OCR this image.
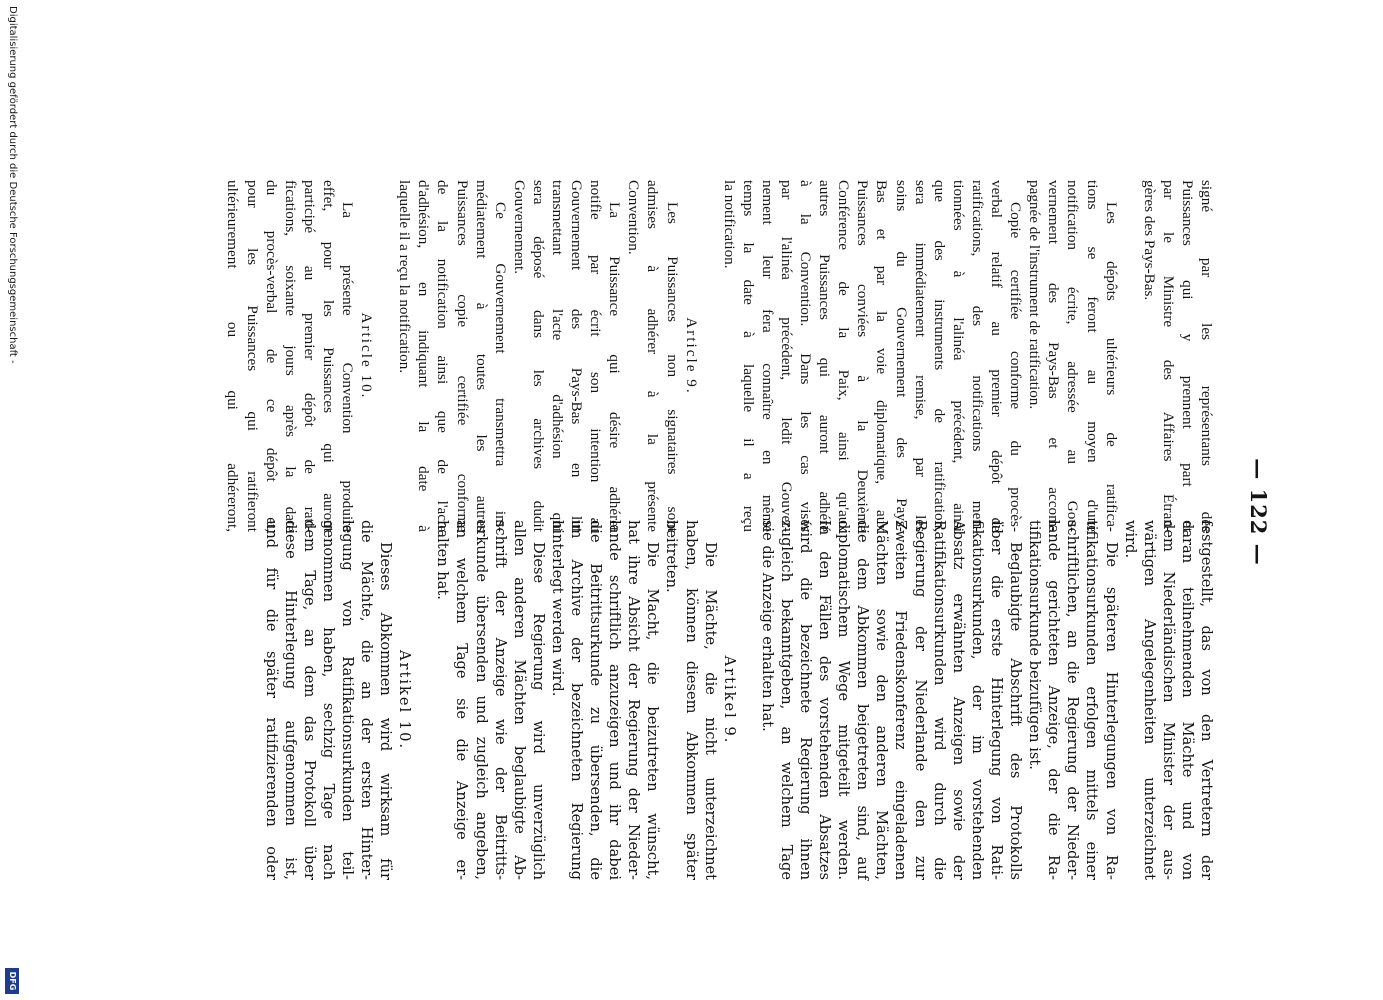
— 122 —
signé par les représentants des
Puissances qui y prennent part et
par le Ministre des Affaires Étran-
gères des Pays-Bas.
Les dépôts ultérieurs de ratifica-
tions se feront au moyen d'une
notification écrite, adressée au Gou-
vernement des Pays-Bas et accom-
pagnée de l'instrument de ratification.
Copie certifiée conforme du procès-
verbal relatif au premier dépôt de
ratifications, des notifications men-
tionnées à l'alinéa précédent, ainsi
que des instruments de ratification,
sera immédiatement remise, par les
soins du Gouvernement des Pays-
Bas et par la voie diplomatique, aux
Puissances conviées à la Deuxième
Conférence de la Paix, ainsi qu'aux
autres Puissances qui auront adhéré
à la Convention. Dans les cas visés
par l'alinéa précédent, ledit Gouver-
nement leur fera connaître en même
temps la date à laquelle il a reçu
la notification.
Article 9.
Les Puissances non signataires sont
admises à adhérer à la présente
Convention.
La Puissance qui désire adhérer
notifie par écrit son intention au
Gouvernement des Pays-Bas en lui
transmettant l'acte d'adhésion qui
sera déposé dans les archives dudit
Gouvernement.
Ce Gouvernement transmettra im-
médiatement à toutes les autres
Puissances copie certifiée conforme
de la notification ainsi que de l'acte
d'adhésion, en indiquant la date à
laquelle il a reçu la notification.
Article 10.
La présente Convention produira
effet, pour les Puissances qui auront
participé au premier dépôt de rati-
fications, soixante jours après la date
du procès-verbal de ce dépôt et,
pour les Puissances qui ratifieront
ultérieurement ou qui adhéreront,
festgestellt, das von den Vertretern der
daran teilnehmenden Mächte und von
dem Niederländischen Minister der aus-
wärtigen Angelegenheiten unterzeichnet
wird.
Die späteren Hinterlegungen von Ra-
tifikationsurkunden erfolgen mittels einer
schriftlichen, an die Regierung der Nieder-
lande gerichteten Anzeige, der die Ra-
tifikationsurkunde beizufügen ist.
Beglaubigte Abschrift des Protokolls
über die erste Hinterlegung von Rati-
fikationsurkunden, der im vorstehenden
Absatz erwähnten Anzeigen sowie der
Ratifikationsurkunden wird durch die
Regierung der Niederlande den zur
Zweiten Friedenskonferenz eingeladenen
Mächten sowie den anderen Mächten,
die dem Abkommen beigetreten sind, auf
diplomatischem Wege mitgeteilt werden.
In den Fällen des vorstehenden Absatzes
wird die bezeichnete Regierung ihnen
zugleich bekanntgeben, an welchem Tage
sie die Anzeige erhalten hat.
Artikel 9.
Die Mächte, die nicht unterzeichnet
haben, können diesem Abkommen später
beitreten.
Die Macht, die beizutreten wünscht,
hat ihre Absicht der Regierung der Nieder-
lande schriftlich anzuzeigen und ihr dabei
die Beitrittsurkunde zu übersenden, die
im Archive der bezeichneten Regierung
hinterlegt werden wird.
Diese Regierung wird unverzüglich
allen anderen Mächten beglaubigte Ab-
schrift der Anzeige wie der Beitritts-
urkunde übersenden und zugleich angeben,
an welchem Tage sie die Anzeige er-
halten hat.
Artikel 10.
Dieses Abkommen wird wirksam für
die Mächte, die an der ersten Hinter-
legung von Ratifikationsurkunden teil-
genommen haben, sechzig Tage nach
dem Tage, an dem das Protokoll über
diese Hinterlegung aufgenommen ist,
und für die später ratifizierenden oder
Digitalisierung gefördert durch die Deutsche Forschungsgemeinschaft -
DFG
